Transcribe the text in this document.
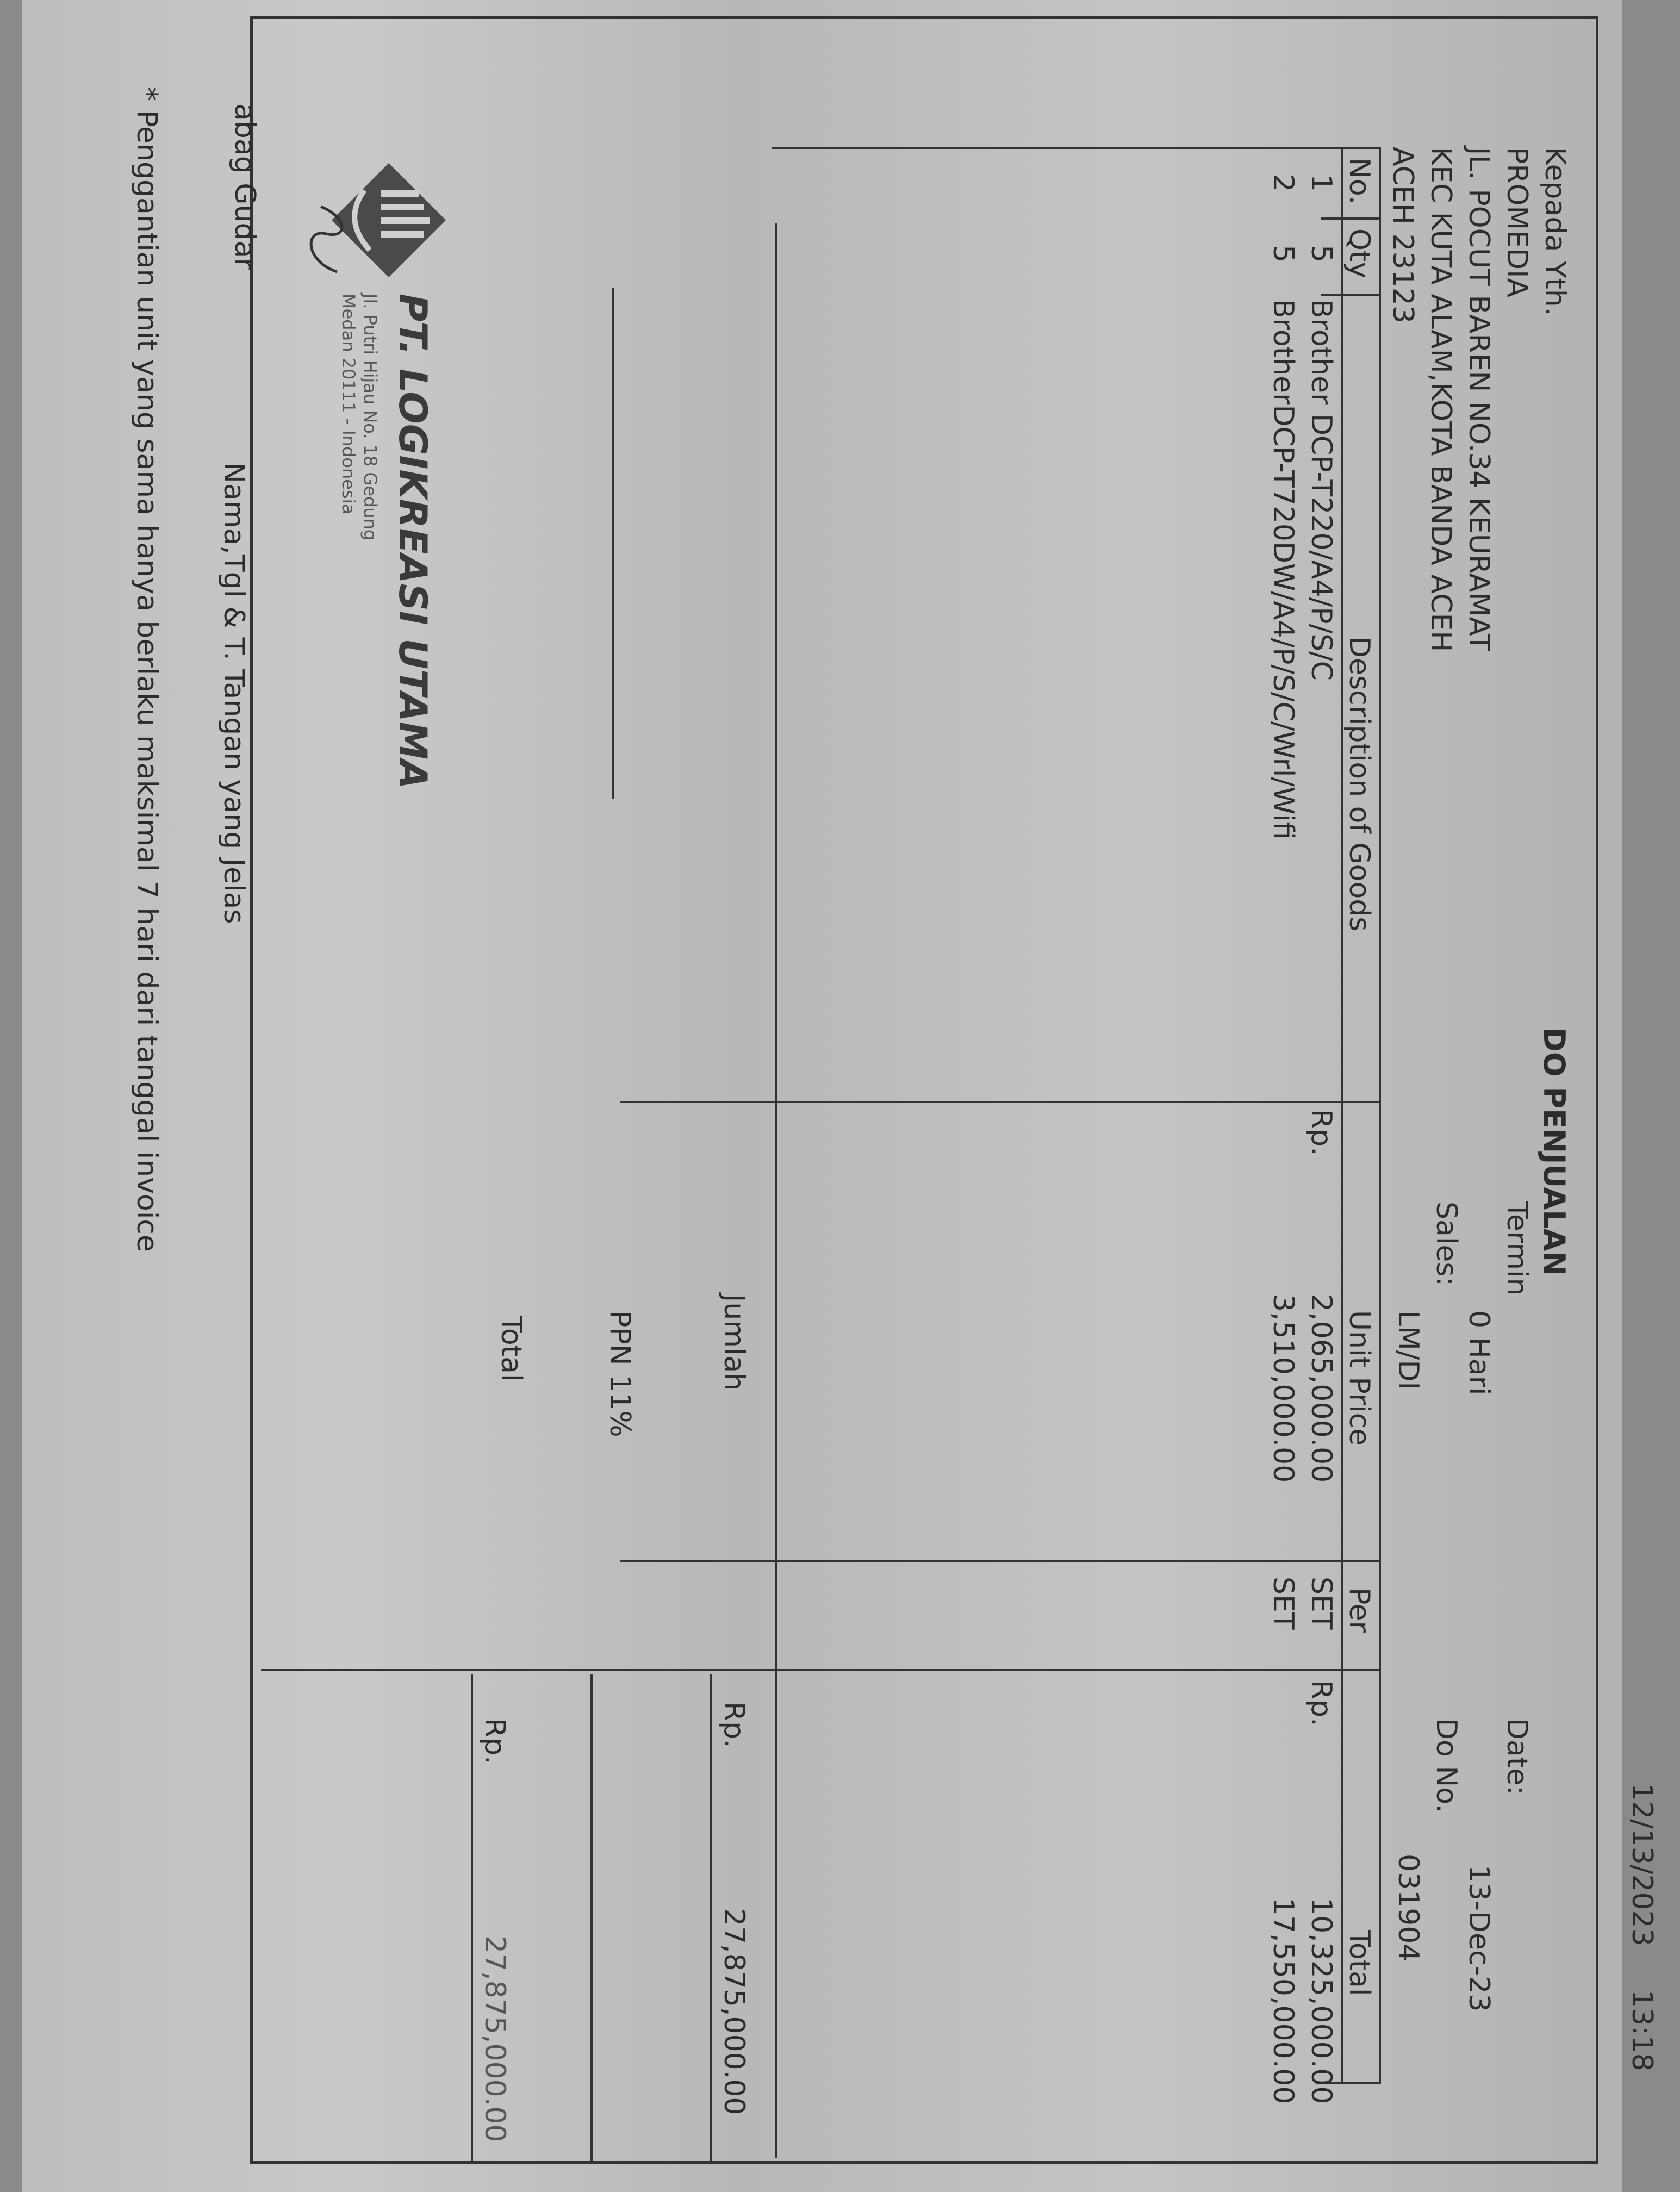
12/13/2023
13:18
DO PENJUALAN
Kepada Yth.
PROMEDIA
JL. POCUT BAREN NO.34 KEURAMAT
KEC KUTA ALAM,KOTA BANDA ACEH
ACEH 23123
Termin
0 Hari
Sales:
LM/DI
Date:
13-Dec-23
Do No.
031904
No.
Qty
Description of Goods
Unit Price
Per
Total
1
5
Brother DCP-T220/A4/P/S/C
Rp.
2,065,000.00
SET
Rp.
10,325,000.00
2
5
BrotherDCP-T720DW/A4/P/S/C/Wrl/Wifi
3,510,000.00
SET
17,550,000.00
Jumlah
Rp.
27,875,000.00
PPN 11%
Total
Rp.
27,875,000.00
PT. LOGIKREASI UTAMA
Jl. Putri Hijau No. 18 Gedung
Medan 20111 - Indonesia
abag Gudar
Nama,Tgl & T. Tangan yang Jelas
* Penggantian unit yang sama hanya berlaku maksimal 7 hari dari tanggal invoice
